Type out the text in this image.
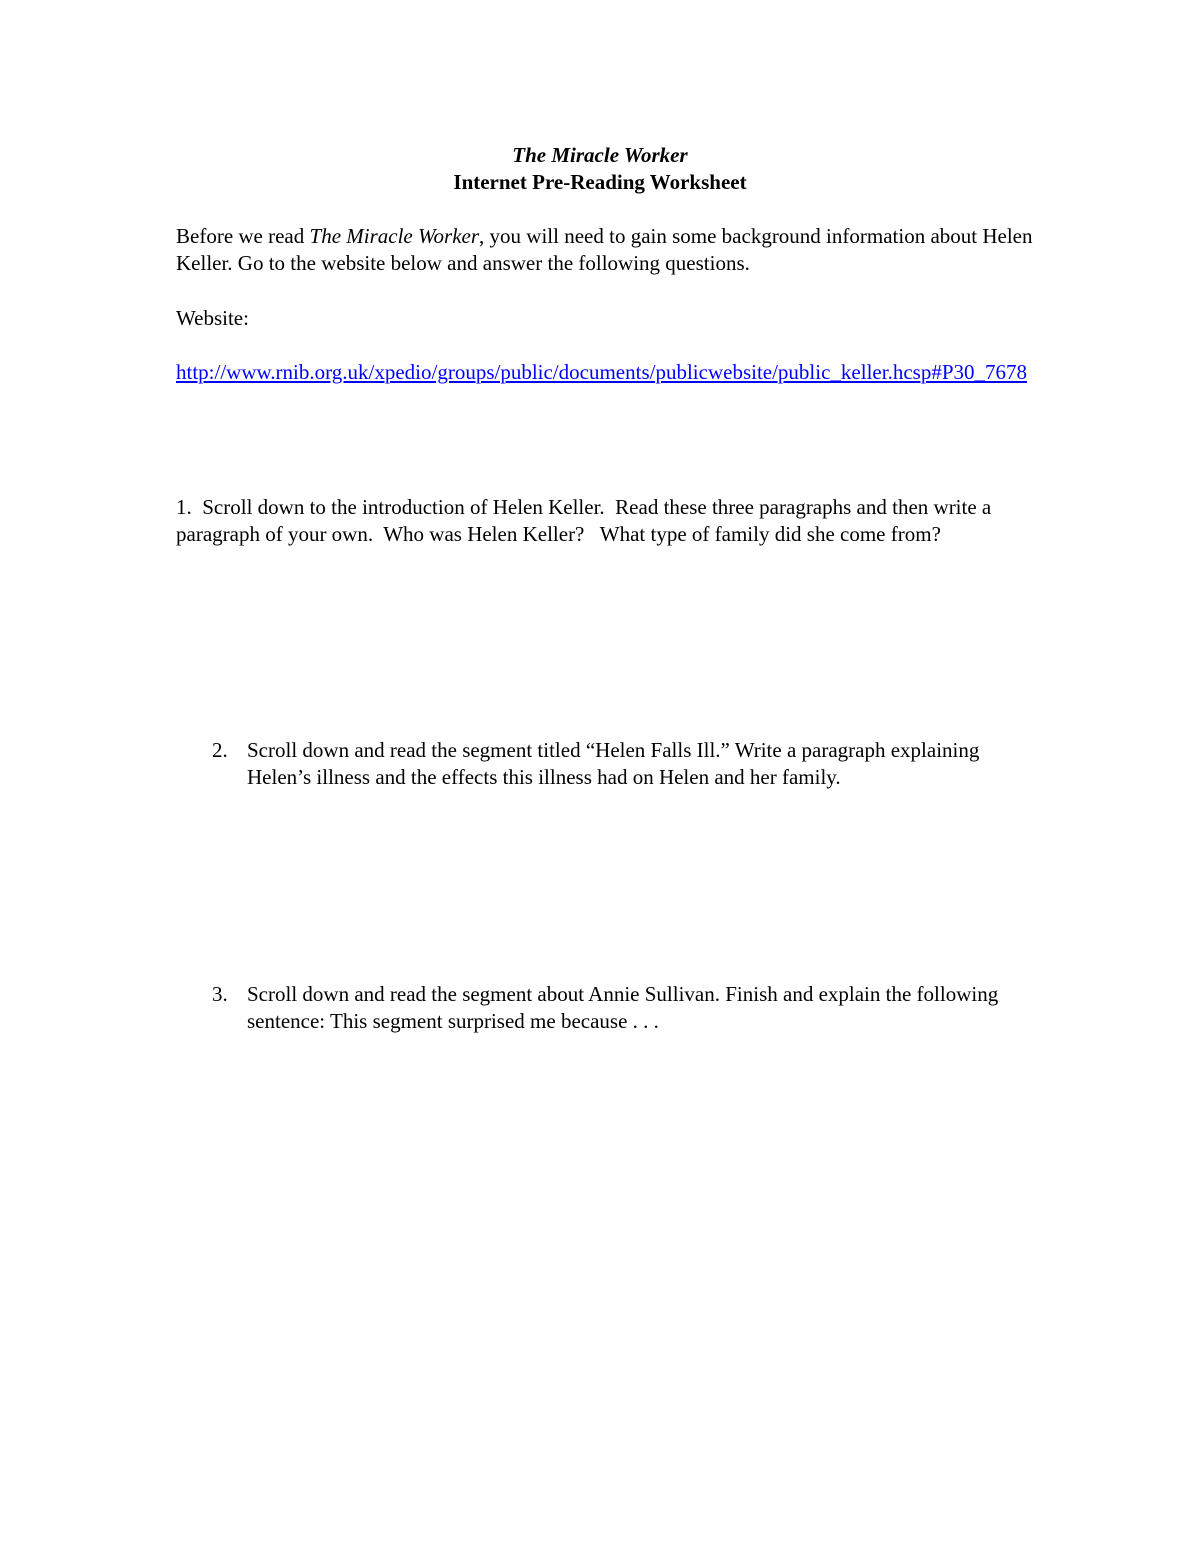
The Miracle Worker
Internet Pre-Reading Worksheet
Before we read The Miracle Worker, you will need to gain some background information about Helen Keller. Go to the website below and answer the following questions.
Website:
http://www.rnib.org.uk/xpedio/groups/public/documents/publicwebsite/public_keller.hcsp#P30_7678
1. Scroll down to the introduction of Helen Keller.  Read these three paragraphs and then write a paragraph of your own.  Who was Helen Keller?   What type of family did she come from?
2. Scroll down and read the segment titled “Helen Falls Ill.” Write a paragraph explaining Helen’s illness and the effects this illness had on Helen and her family.
3. Scroll down and read the segment about Annie Sullivan. Finish and explain the following sentence: This segment surprised me because . . .
